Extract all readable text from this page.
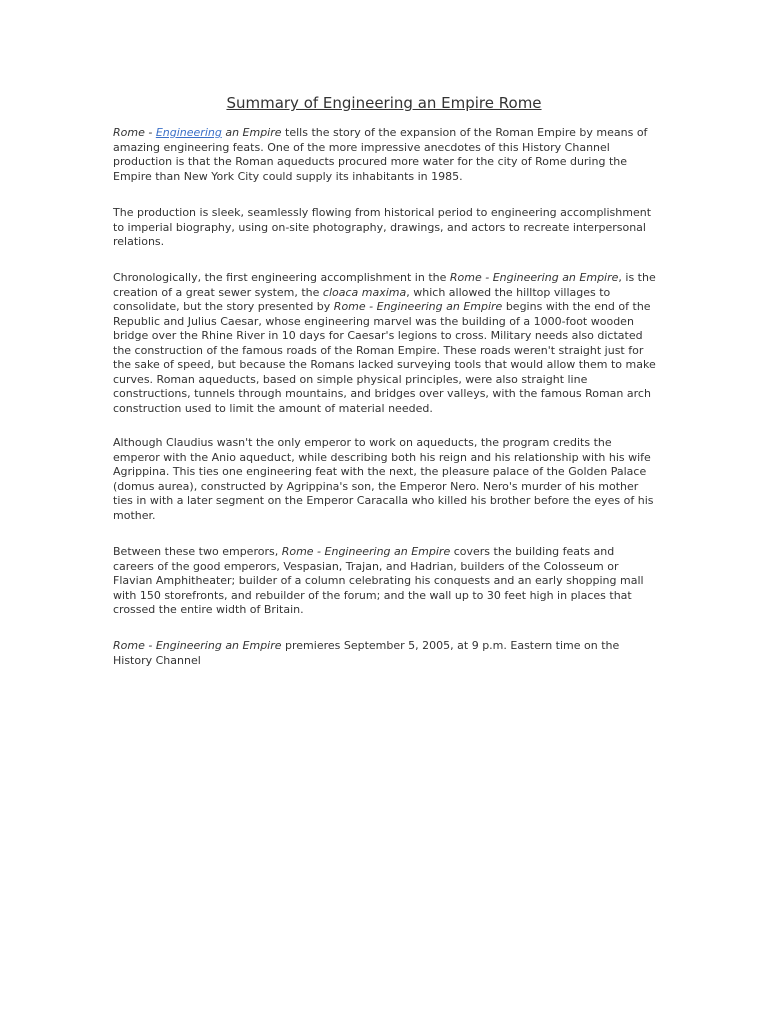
Summary of Engineering an Empire Rome

Rome - Engineering an Empire tells the story of the expansion of the Roman Empire by means of amazing engineering feats. One of the more impressive anecdotes of this History Channel production is that the Roman aqueducts procured more water for the city of Rome during the Empire than New York City could supply its inhabitants in 1985.

The production is sleek, seamlessly flowing from historical period to engineering accomplishment to imperial biography, using on-site photography, drawings, and actors to recreate interpersonal relations.

Chronologically, the first engineering accomplishment in the Rome - Engineering an Empire, is the creation of a great sewer system, the cloaca maxima, which allowed the hilltop villages to consolidate, but the story presented by Rome - Engineering an Empire begins with the end of the Republic and Julius Caesar, whose engineering marvel was the building of a 1000-foot wooden bridge over the Rhine River in 10 days for Caesar's legions to cross. Military needs also dictated the construction of the famous roads of the Roman Empire. These roads weren't straight just for the sake of speed, but because the Romans lacked surveying tools that would allow them to make curves. Roman aqueducts, based on simple physical principles, were also straight line constructions, tunnels through mountains, and bridges over valleys, with the famous Roman arch construction used to limit the amount of material needed.

Although Claudius wasn't the only emperor to work on aqueducts, the program credits the emperor with the Anio aqueduct, while describing both his reign and his relationship with his wife Agrippina. This ties one engineering feat with the next, the pleasure palace of the Golden Palace (domus aurea), constructed by Agrippina's son, the Emperor Nero. Nero's murder of his mother ties in with a later segment on the Emperor Caracalla who killed his brother before the eyes of his mother.

Between these two emperors, Rome - Engineering an Empire covers the building feats and careers of the good emperors, Vespasian, Trajan, and Hadrian, builders of the Colosseum or Flavian Amphitheater; builder of a column celebrating his conquests and an early shopping mall with 150 storefronts, and rebuilder of the forum; and the wall up to 30 feet high in places that crossed the entire width of Britain.

Rome - Engineering an Empire premieres September 5, 2005, at 9 p.m. Eastern time on the History Channel
